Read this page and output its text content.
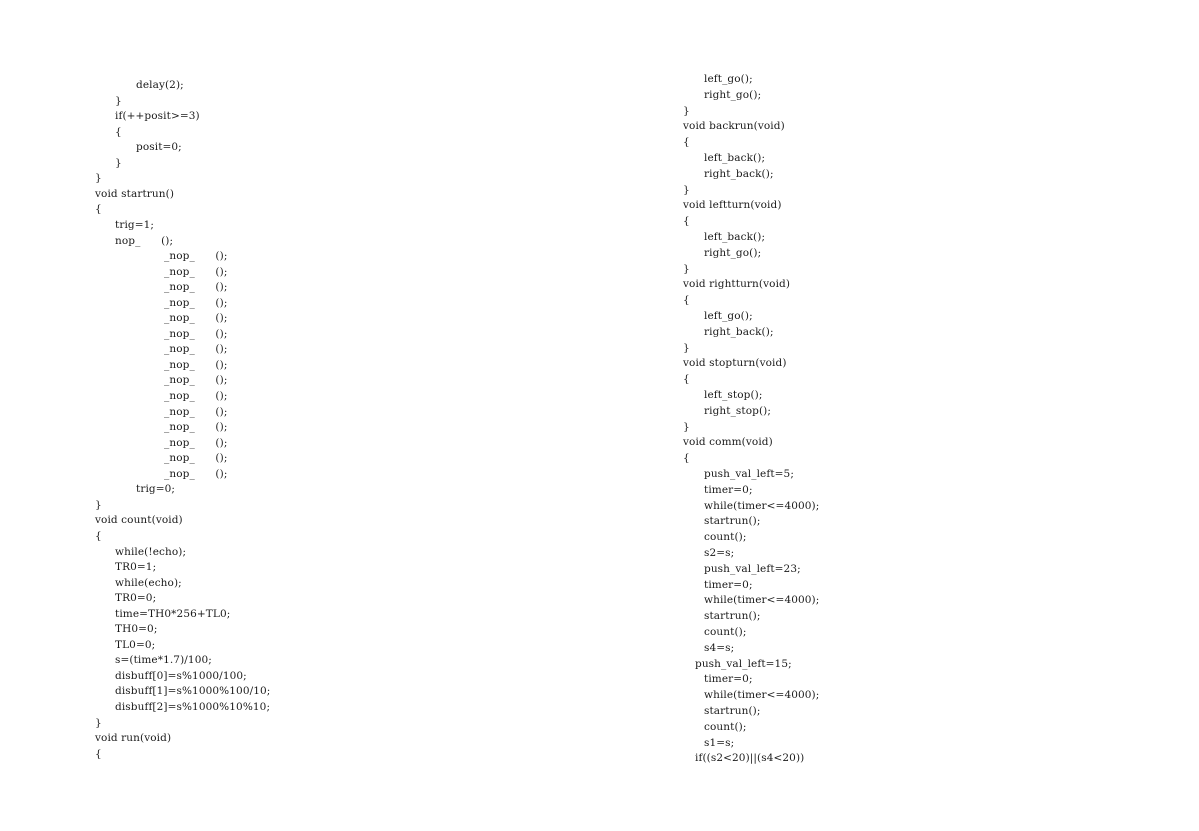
delay(2);
}
if(++posit>=3)
{
posit=0;
}
}
void startrun()
{
trig=1;
nop_      ();
_nop_      ();
_nop_      ();
_nop_      ();
_nop_      ();
_nop_      ();
_nop_      ();
_nop_      ();
_nop_      ();
_nop_      ();
_nop_      ();
_nop_      ();
_nop_      ();
_nop_      ();
_nop_      ();
_nop_      ();
trig=0;
}
void count(void)
{
while(!echo);
TR0=1;
while(echo);
TR0=0;
time=TH0*256+TL0;
TH0=0;
TL0=0;
s=(time*1.7)/100;
disbuff[0]=s%1000/100;
disbuff[1]=s%1000%100/10;
disbuff[2]=s%1000%10%10;
}
void run(void)
{
left_go();
right_go();
}
void backrun(void)
{
left_back();
right_back();
}
void leftturn(void)
{
left_back();
right_go();
}
void rightturn(void)
{
left_go();
right_back();
}
void stopturn(void)
{
left_stop();
right_stop();
}
void comm(void)
{
push_val_left=5;
timer=0;
while(timer<=4000);
startrun();
count();
s2=s;
push_val_left=23;
timer=0;
while(timer<=4000);
startrun();
count();
s4=s;
push_val_left=15;
timer=0;
while(timer<=4000);
startrun();
count();
s1=s;
if((s2<20)||(s4<20))
